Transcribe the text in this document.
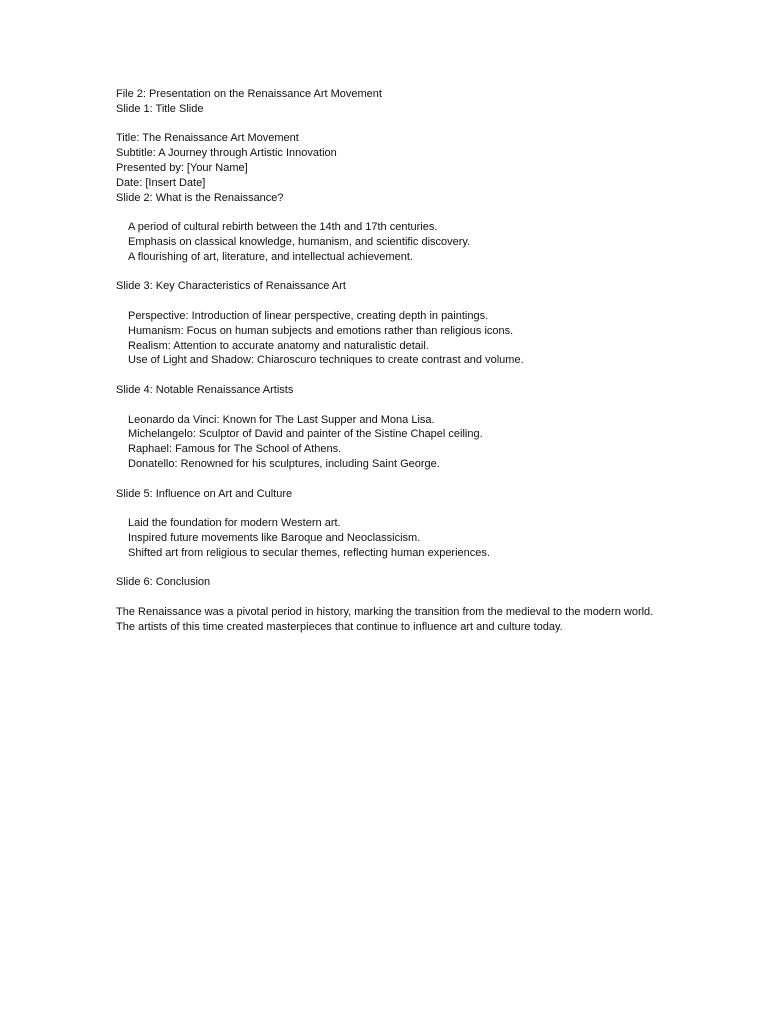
File 2: Presentation on the Renaissance Art Movement
Slide 1: Title Slide
Title: The Renaissance Art Movement
Subtitle: A Journey through Artistic Innovation
Presented by: [Your Name]
Date: [Insert Date]
Slide 2: What is the Renaissance?
A period of cultural rebirth between the 14th and 17th centuries.
Emphasis on classical knowledge, humanism, and scientific discovery.
A flourishing of art, literature, and intellectual achievement.
Slide 3: Key Characteristics of Renaissance Art
Perspective: Introduction of linear perspective, creating depth in paintings.
Humanism: Focus on human subjects and emotions rather than religious icons.
Realism: Attention to accurate anatomy and naturalistic detail.
Use of Light and Shadow: Chiaroscuro techniques to create contrast and volume.
Slide 4: Notable Renaissance Artists
Leonardo da Vinci: Known for The Last Supper and Mona Lisa.
Michelangelo: Sculptor of David and painter of the Sistine Chapel ceiling.
Raphael: Famous for The School of Athens.
Donatello: Renowned for his sculptures, including Saint George.
Slide 5: Influence on Art and Culture
Laid the foundation for modern Western art.
Inspired future movements like Baroque and Neoclassicism.
Shifted art from religious to secular themes, reflecting human experiences.
Slide 6: Conclusion
The Renaissance was a pivotal period in history, marking the transition from the medieval to the modern world. The artists of this time created masterpieces that continue to influence art and culture today.
